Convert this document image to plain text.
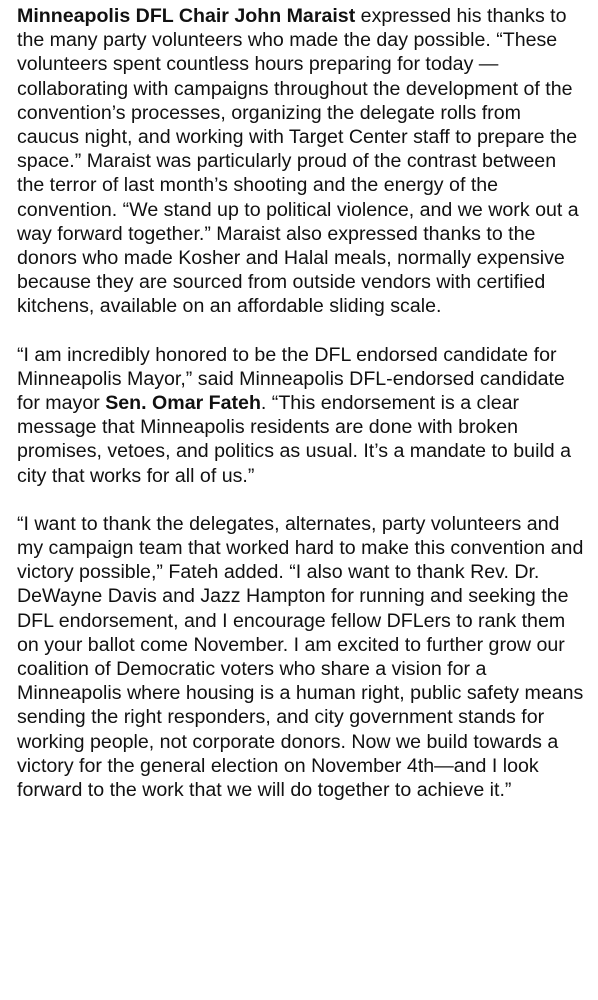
Minneapolis DFL Chair John Maraist expressed his thanks to the many party volunteers who made the day possible. “These volunteers spent countless hours preparing for today — collaborating with campaigns throughout the development of the convention’s processes, organizing the delegate rolls from caucus night, and working with Target Center staff to prepare the space.” Maraist was particularly proud of the contrast between the terror of last month’s shooting and the energy of the convention. “We stand up to political violence, and we work out a way forward together.” Maraist also expressed thanks to the donors who made Kosher and Halal meals, normally expensive because they are sourced from outside vendors with certified kitchens, available on an affordable sliding scale.

“I am incredibly honored to be the DFL endorsed candidate for Minneapolis Mayor,” said Minneapolis DFL-endorsed candidate for mayor Sen. Omar Fateh. “This endorsement is a clear message that Minneapolis residents are done with broken promises, vetoes, and politics as usual. It’s a mandate to build a city that works for all of us.”

“I want to thank the delegates, alternates, party volunteers and my campaign team that worked hard to make this convention and victory possible,” Fateh added. “I also want to thank Rev. Dr. DeWayne Davis and Jazz Hampton for running and seeking the DFL endorsement, and I encourage fellow DFLers to rank them on your ballot come November. I am excited to further grow our coalition of Democratic voters who share a vision for a Minneapolis where housing is a human right, public safety means sending the right responders, and city government stands for working people, not corporate donors. Now we build towards a victory for the general election on November 4th—and I look forward to the work that we will do together to achieve it.”
